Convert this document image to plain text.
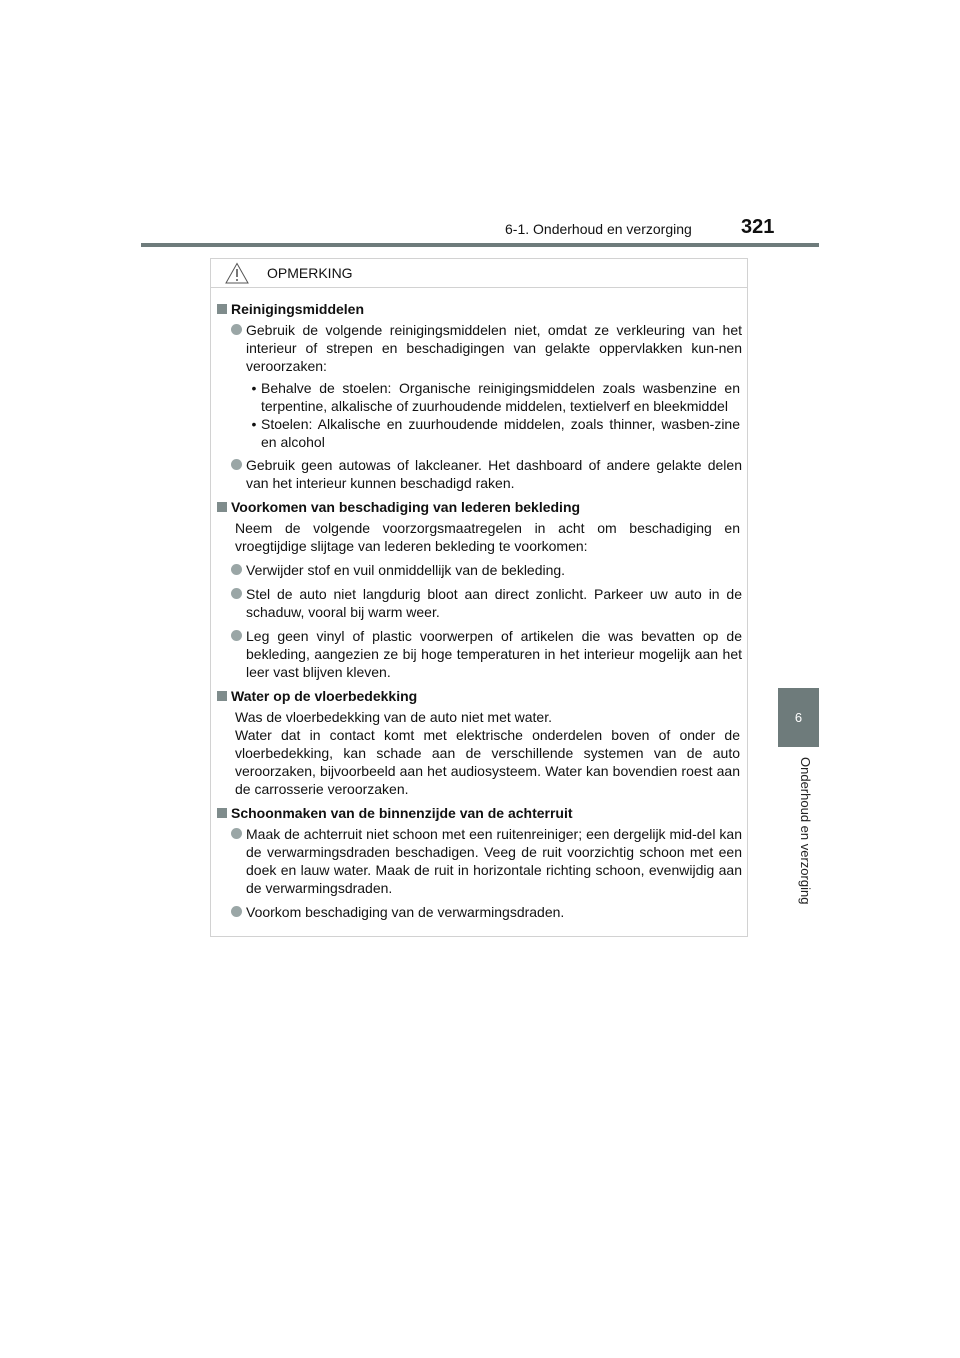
6-1. Onderhoud en verzorging 321
6
Onderhoud en verzorging
OPMERKING
Reinigingsmiddelen
Gebruik de volgende reinigingsmiddelen niet, omdat ze verkleuring van het interieur of strepen en beschadigingen van gelakte oppervlakken kun-nen veroorzaken:
• Behalve de stoelen: Organische reinigingsmiddelen zoals wasbenzine en terpentine, alkalische of zuurhoudende middelen, textielverf en bleekmiddel
• Stoelen: Alkalische en zuurhoudende middelen, zoals thinner, wasben-zine en alcohol
Gebruik geen autowas of lakcleaner. Het dashboard of andere gelakte delen van het interieur kunnen beschadigd raken.
Voorkomen van beschadiging van lederen bekleding
Neem de volgende voorzorgsmaatregelen in acht om beschadiging en vroegtijdige slijtage van lederen bekleding te voorkomen:
Verwijder stof en vuil onmiddellijk van de bekleding.
Stel de auto niet langdurig bloot aan direct zonlicht. Parkeer uw auto in de schaduw, vooral bij warm weer.
Leg geen vinyl of plastic voorwerpen of artikelen die was bevatten op de bekleding, aangezien ze bij hoge temperaturen in het interieur mogelijk aan het leer vast blijven kleven.
Water op de vloerbedekking
Was de vloerbedekking van de auto niet met water.
Water dat in contact komt met elektrische onderdelen boven of onder de vloerbedekking, kan schade aan de verschillende systemen van de auto veroorzaken, bijvoorbeeld aan het audiosysteem. Water kan bovendien roest aan de carrosserie veroorzaken.
Schoonmaken van de binnenzijde van de achterruit
Maak de achterruit niet schoon met een ruitenreiniger; een dergelijk mid-del kan de verwarmingsdraden beschadigen. Veeg de ruit voorzichtig schoon met een doek en lauw water. Maak de ruit in horizontale richting schoon, evenwijdig aan de verwarmingsdraden.
Voorkom beschadiging van de verwarmingsdraden.
